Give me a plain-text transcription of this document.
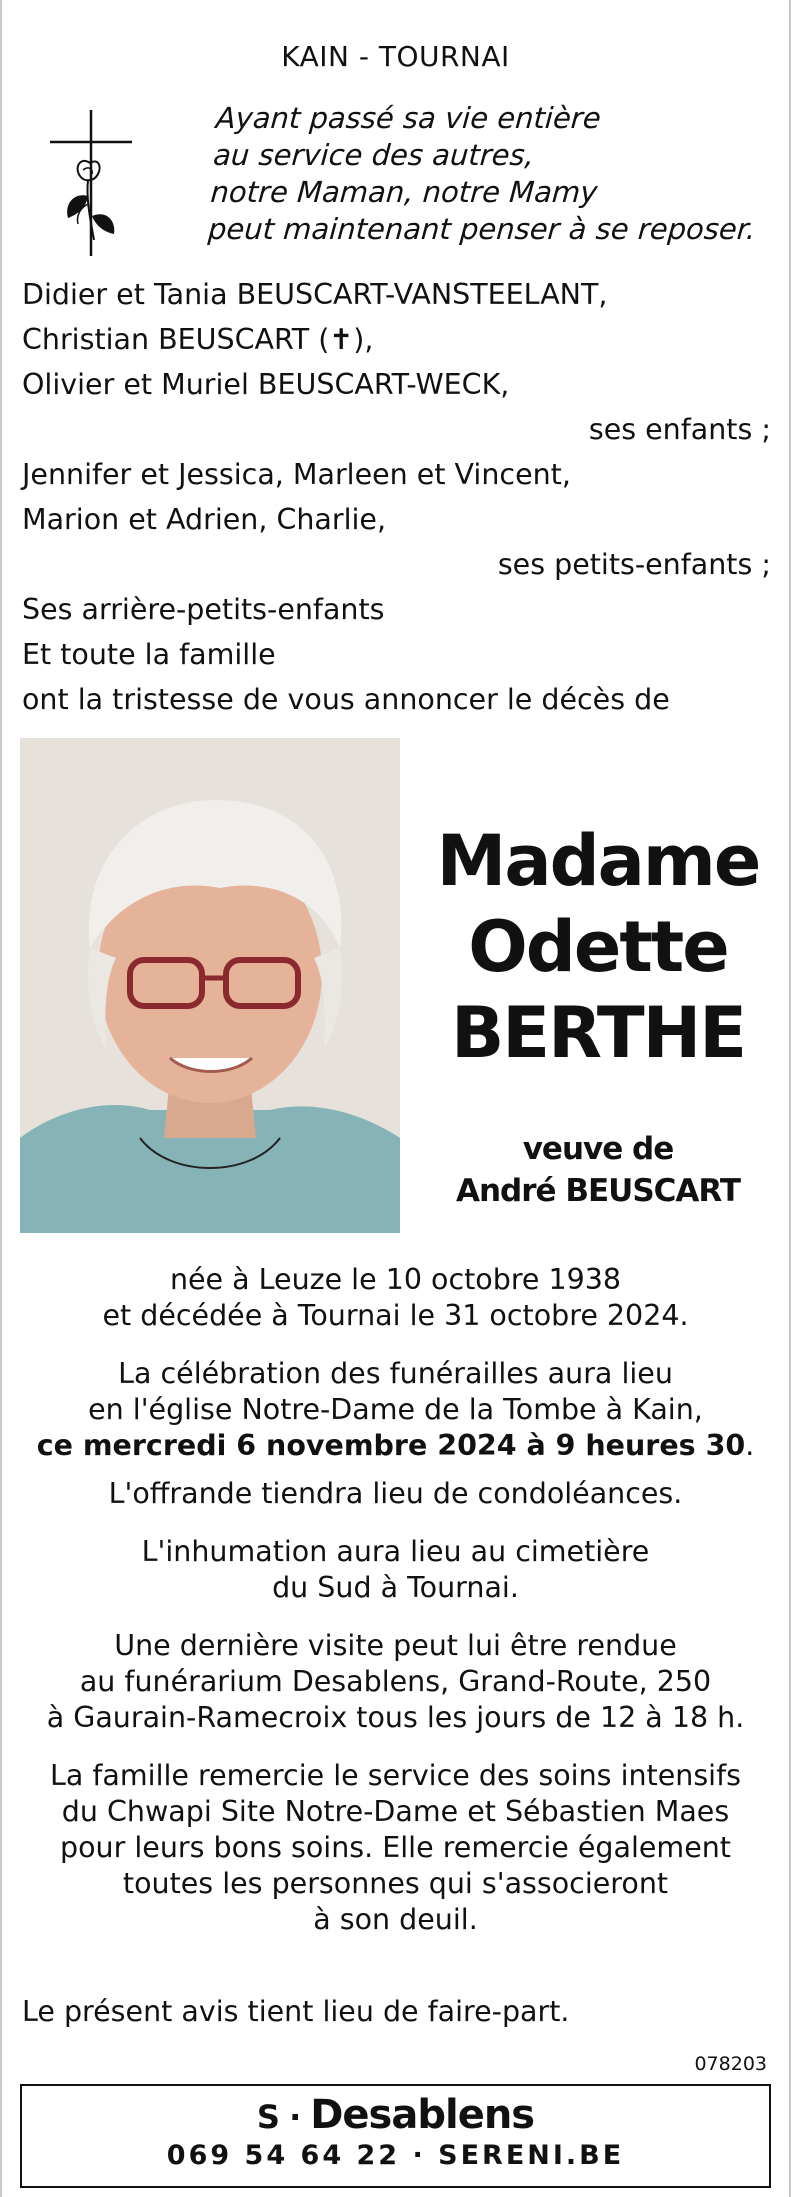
KAIN - TOURNAI
Ayant passé sa vie entière
au service des autres,
notre Maman, notre Mamy
peut maintenant penser à se reposer.
Didier et Tania BEUSCART-VANSTEELANT,
Christian BEUSCART (✝),
Olivier et Muriel BEUSCART-WECK,
ses enfants ;
Jennifer et Jessica, Marleen et Vincent,
Marion et Adrien, Charlie,
ses petits-enfants ;
Ses arrière-petits-enfants
Et toute la famille
ont la tristesse de vous annoncer le décès de
Madame
Odette
BERTHE
veuve de
André BEUSCART

née à Leuze le 10 octobre 1938
et décédée à Tournai le 31 octobre 2024.

La célébration des funérailles aura lieu
en l'église Notre-Dame de la Tombe à Kain,
ce mercredi 6 novembre 2024 à 9 heures 30.

L'offrande tiendra lieu de condoléances.

L'inhumation aura lieu au cimetière
du Sud à Tournai.

Une dernière visite peut lui être rendue
au funérarium Desablens, Grand-Route, 250
à Gaurain-Ramecroix tous les jours de 12 à 18 h.

La famille remercie le service des soins intensifs
du Chwapi Site Notre-Dame et Sébastien Maes
pour leurs bons soins. Elle remercie également
toutes les personnes qui s'associeront
à son deuil.

Le présent avis tient lieu de faire-part.
078203
S · Desablens
069 54 64 22 · SERENI.BE
